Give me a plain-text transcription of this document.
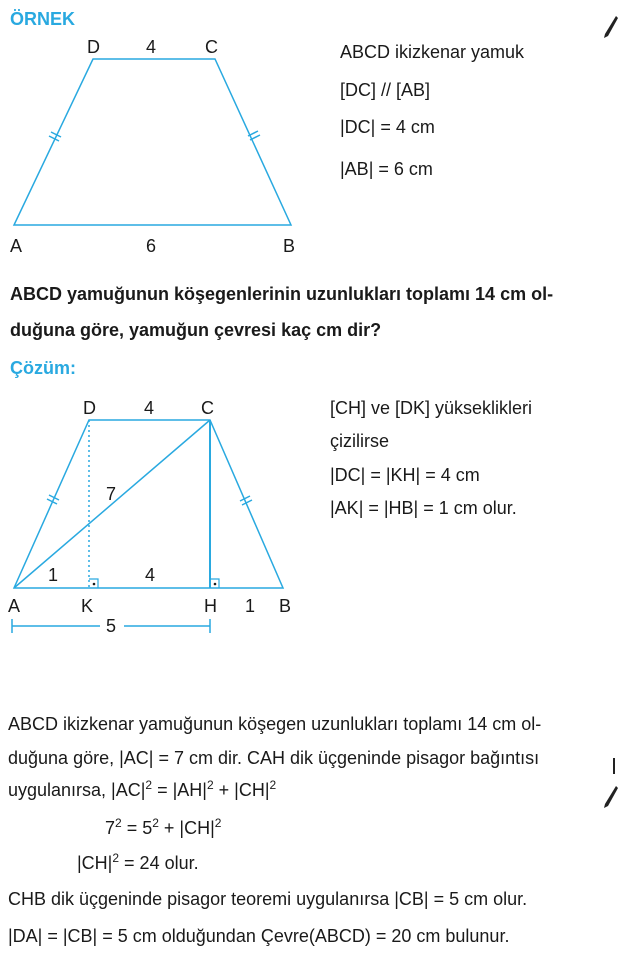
ÖRNEK
D	4	C
A	6	B
ABCD ikizkenar yamuk
[DC] // [AB]
|DC| = 4 cm
|AB| = 6 cm
ABCD yamuğunun köşegenlerinin uzunlukları toplamı 14 cm ol-
duğuna göre, yamuğun çevresi kaç cm dir?
Çözüm:
D	4	C
7
1	4
A	K	H 1 B
5
[CH] ve [DK] yükseklikleri
çizilirse
|DC| = |KH| = 4 cm
|AK| = |HB| = 1 cm olur.
ABCD ikizkenar yamuğunun köşegen uzunlukları toplamı 14 cm ol-
duğuna göre, |AC| = 7 cm dir. CAH dik üçgeninde pisagor bağıntısı
uygulanırsa, $|AC|^2 = |AH|^2 + |CH|^2$
$7^2 = 5^2 + |CH|^2$
$|CH|^2 = 24$ olur.
CHB dik üçgeninde pisagor teoremi uygulanırsa |CB| = 5 cm olur.
|DA| = |CB| = 5 cm olduğundan Çevre(ABCD) = 20 cm bulunur.
